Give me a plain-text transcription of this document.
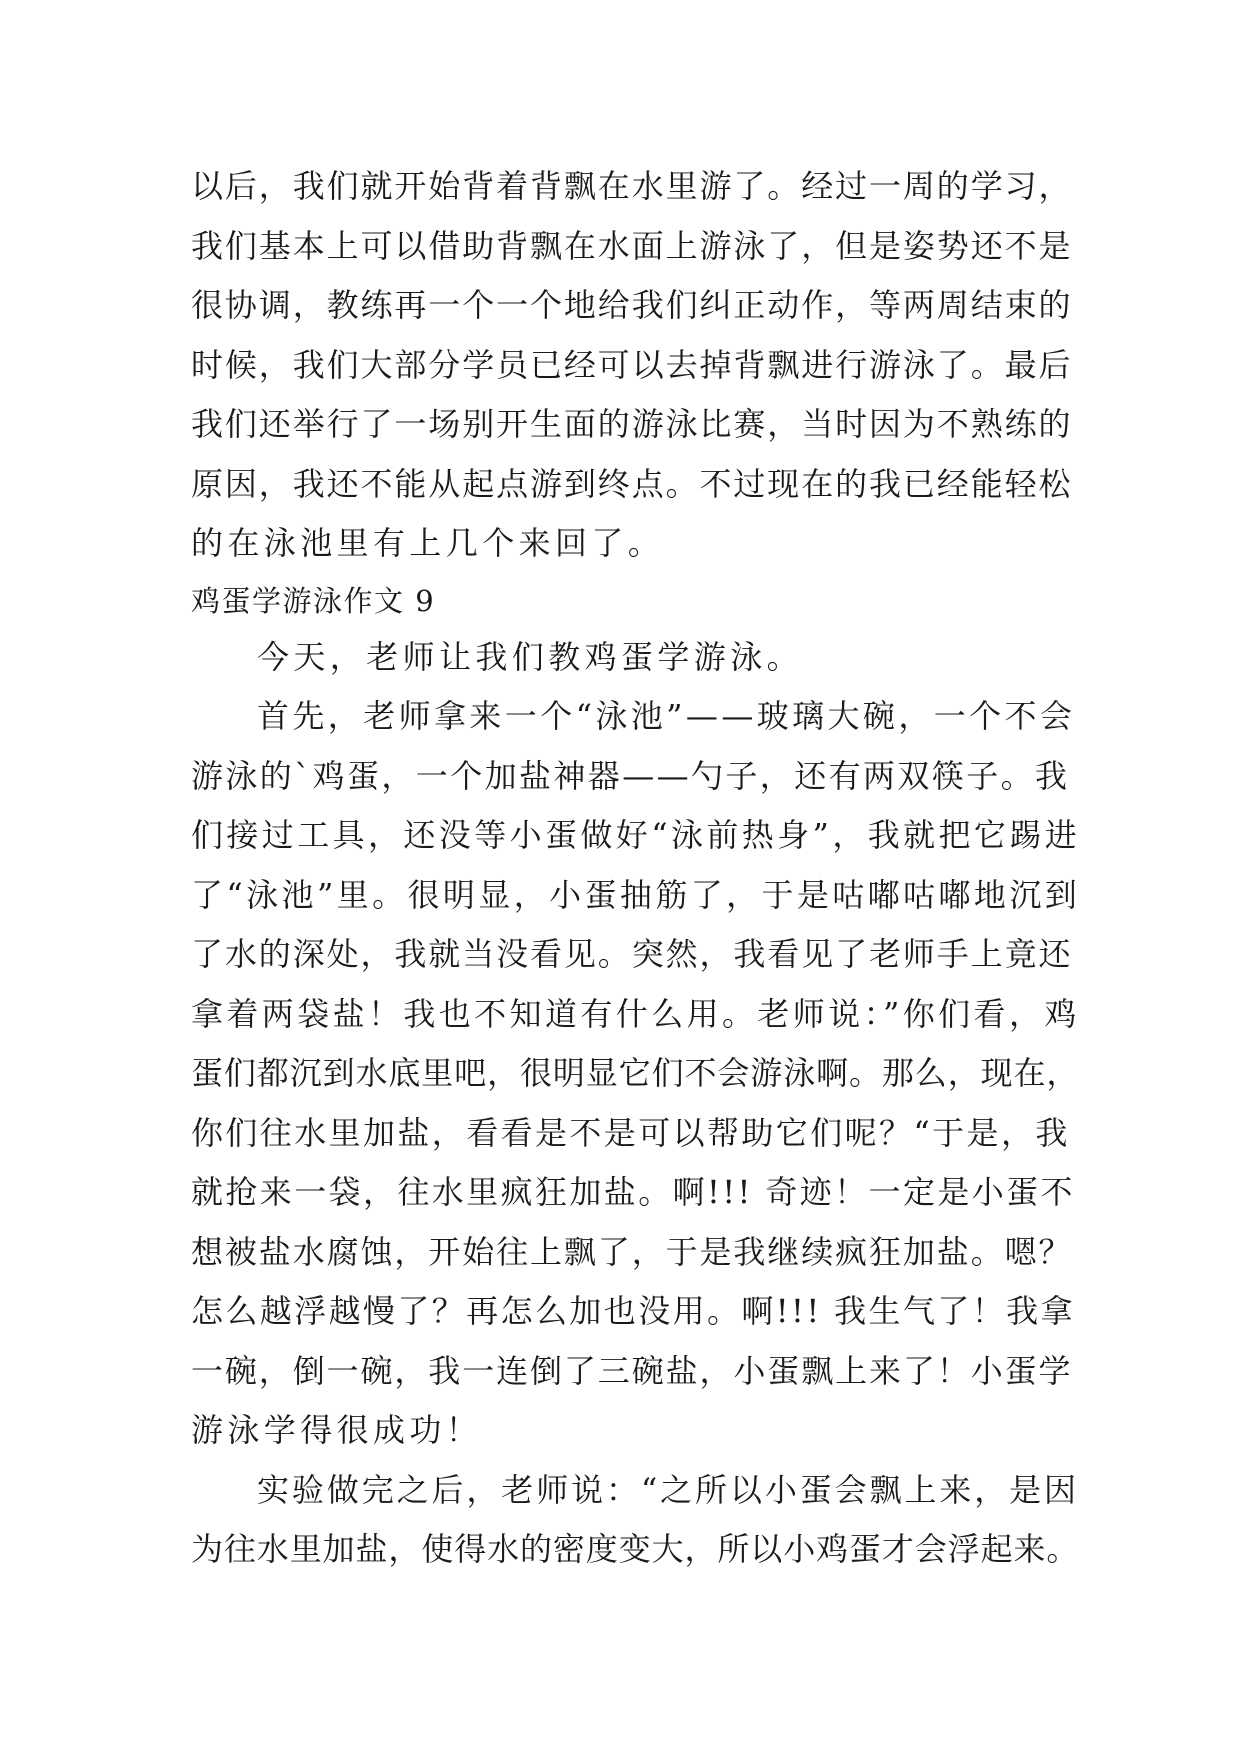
以后，我们就开始背着背飘在水里游了。经过一周的学习，
我们基本上可以借助背飘在水面上游泳了，但是姿势还不是
很协调，教练再一个一个地给我们纠正动作，等两周结束的
时候，我们大部分学员已经可以去掉背飘进行游泳了。最后
我们还举行了一场别开生面的游泳比赛，当时因为不熟练的
原因，我还不能从起点游到终点。不过现在的我已经能轻松
的在泳池里有上几个来回了。
鸡蛋学游泳作文 9
今天，老师让我们教鸡蛋学游泳。
首先，老师拿来一个“泳池”——玻璃大碗，一个不会
游泳的`鸡蛋，一个加盐神器——勺子，还有两双筷子。我
们接过工具，还没等小蛋做好“泳前热身”，我就把它踢进
了“泳池”里。很明显，小蛋抽筋了，于是咕嘟咕嘟地沉到
了水的深处，我就当没看见。突然，我看见了老师手上竟还
拿着两袋盐！我也不知道有什么用。老师说：”你们看，鸡
蛋们都沉到水底里吧，很明显它们不会游泳啊。那么，现在，
你们往水里加盐，看看是不是可以帮助它们呢？“于是，我
就抢来一袋，往水里疯狂加盐。啊!!! 奇迹！一定是小蛋不
想被盐水腐蚀，开始往上飘了，于是我继续疯狂加盐。嗯？
怎么越浮越慢了？再怎么加也没用。啊!!! 我生气了！我拿
一碗，倒一碗，我一连倒了三碗盐，小蛋飘上来了！小蛋学
游泳学得很成功！
实验做完之后，老师说：“之所以小蛋会飘上来，是因
为往水里加盐，使得水的密度变大，所以小鸡蛋才会浮起来。
